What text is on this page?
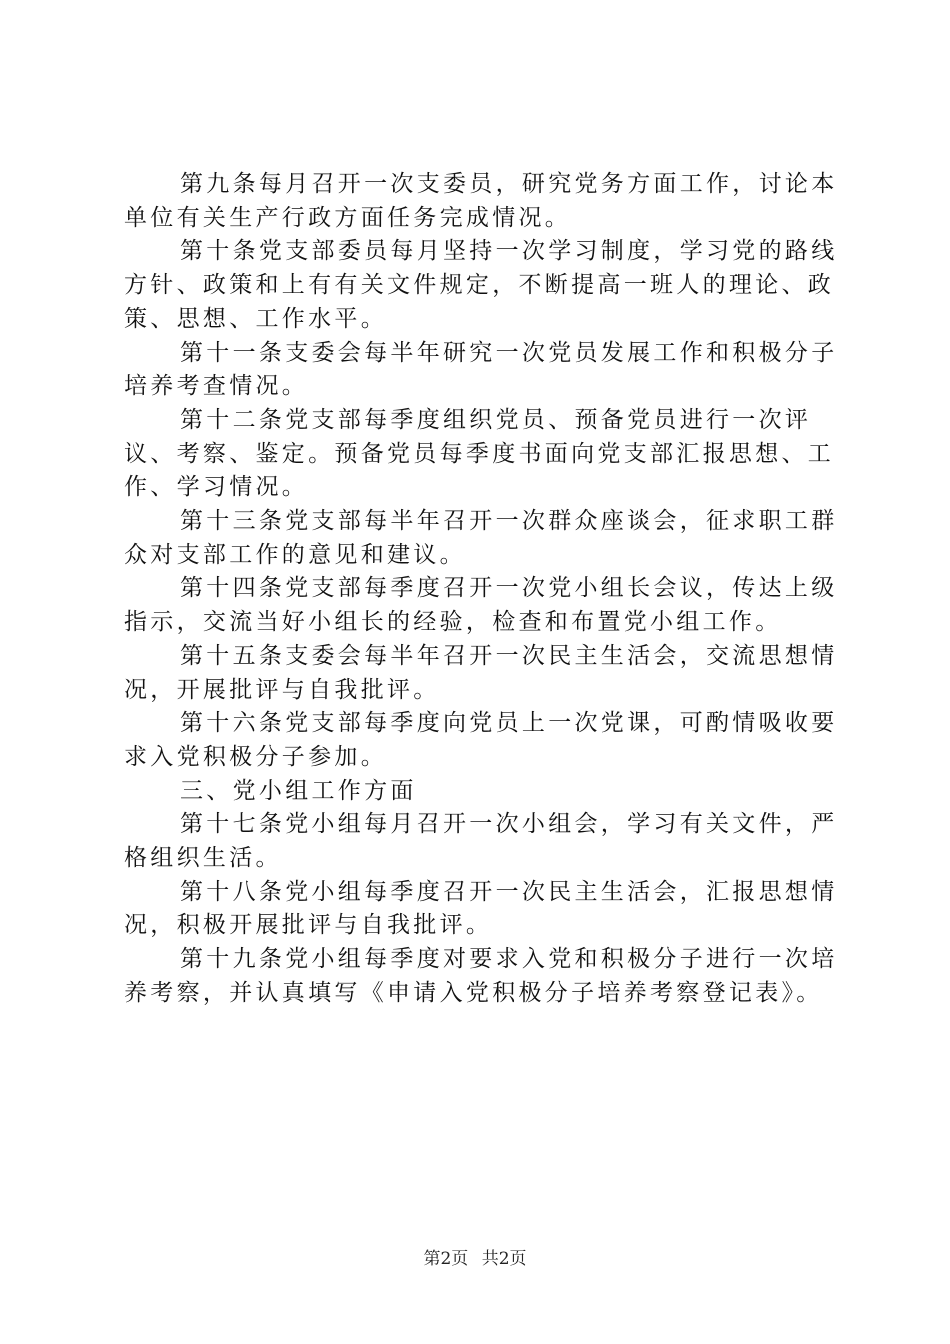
第九条每月召开一次支委员，研究党务方面工作，讨论本单位有关生产行政方面任务完成情况。

第十条党支部委员每月坚持一次学习制度，学习党的路线方针、政策和上有有关文件规定，不断提高一班人的理论、政策、思想、工作水平。

第十一条支委会每半年研究一次党员发展工作和积极分子培养考查情况。

第十二条党支部每季度组织党员、预备党员进行一次评议、考察、鉴定。预备党员每季度书面向党支部汇报思想、工作、学习情况。

第十三条党支部每半年召开一次群众座谈会，征求职工群众对支部工作的意见和建议。

第十四条党支部每季度召开一次党小组长会议，传达上级指示，交流当好小组长的经验，检查和布置党小组工作。

第十五条支委会每半年召开一次民主生活会，交流思想情况，开展批评与自我批评。

第十六条党支部每季度向党员上一次党课，可酌情吸收要求入党积极分子参加。

三、党小组工作方面

第十七条党小组每月召开一次小组会，学习有关文件，严格组织生活。

第十八条党小组每季度召开一次民主生活会，汇报思想情况，积极开展批评与自我批评。

第十九条党小组每季度对要求入党和积极分子进行一次培养考察，并认真填写《申请入党积极分子培养考察登记表》。

第2页 共2页
